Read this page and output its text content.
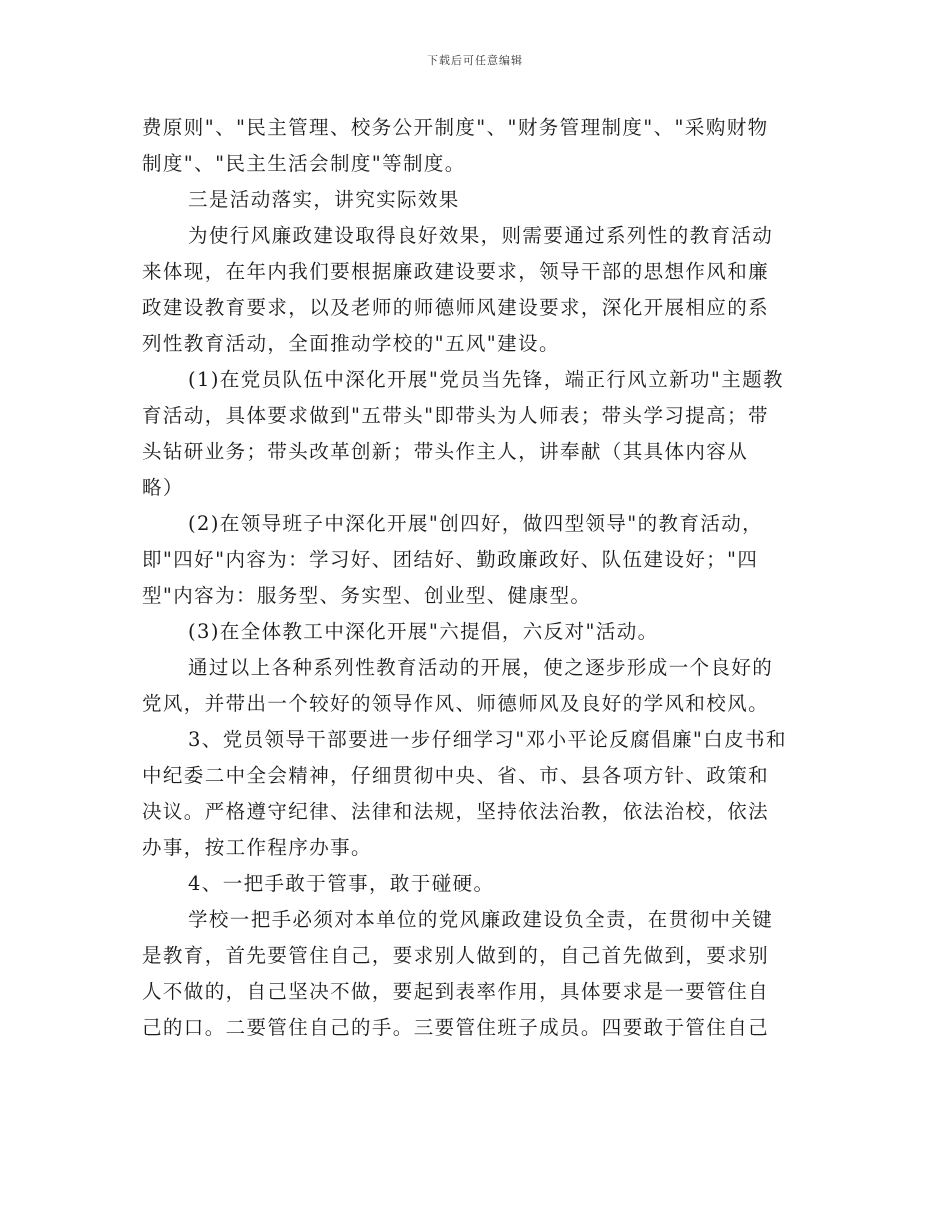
下载后可任意编辑
费原则"、"民主管理、校务公开制度"、"财务管理制度"、"采购财物
制度"、"民主生活会制度"等制度。
三是活动落实，讲究实际效果
为使行风廉政建设取得良好效果，则需要通过系列性的教育活动
来体现，在年内我们要根据廉政建设要求，领导干部的思想作风和廉
政建设教育要求，以及老师的师德师风建设要求，深化开展相应的系
列性教育活动，全面推动学校的"五风"建设。
(1)在党员队伍中深化开展"党员当先锋，端正行风立新功"主题教
育活动，具体要求做到"五带头"即带头为人师表；带头学习提高；带
头钻研业务；带头改革创新；带头作主人，讲奉献（其具体内容从
略）
(2)在领导班子中深化开展"创四好，做四型领导"的教育活动，
即"四好"内容为：学习好、团结好、勤政廉政好、队伍建设好；"四
型"内容为：服务型、务实型、创业型、健康型。
(3)在全体教工中深化开展"六提倡，六反对"活动。
通过以上各种系列性教育活动的开展，使之逐步形成一个良好的
党风，并带出一个较好的领导作风、师德师风及良好的学风和校风。
3、党员领导干部要进一步仔细学习"邓小平论反腐倡廉"白皮书和
中纪委二中全会精神，仔细贯彻中央、省、市、县各项方针、政策和
决议。严格遵守纪律、法律和法规，坚持依法治教，依法治校，依法
办事，按工作程序办事。
4、一把手敢于管事，敢于碰硬。
学校一把手必须对本单位的党风廉政建设负全责，在贯彻中关键
是教育，首先要管住自己，要求别人做到的，自己首先做到，要求别
人不做的，自己坚决不做，要起到表率作用，具体要求是一要管住自
己的口。二要管住自己的手。三要管住班子成员。四要敢于管住自己
